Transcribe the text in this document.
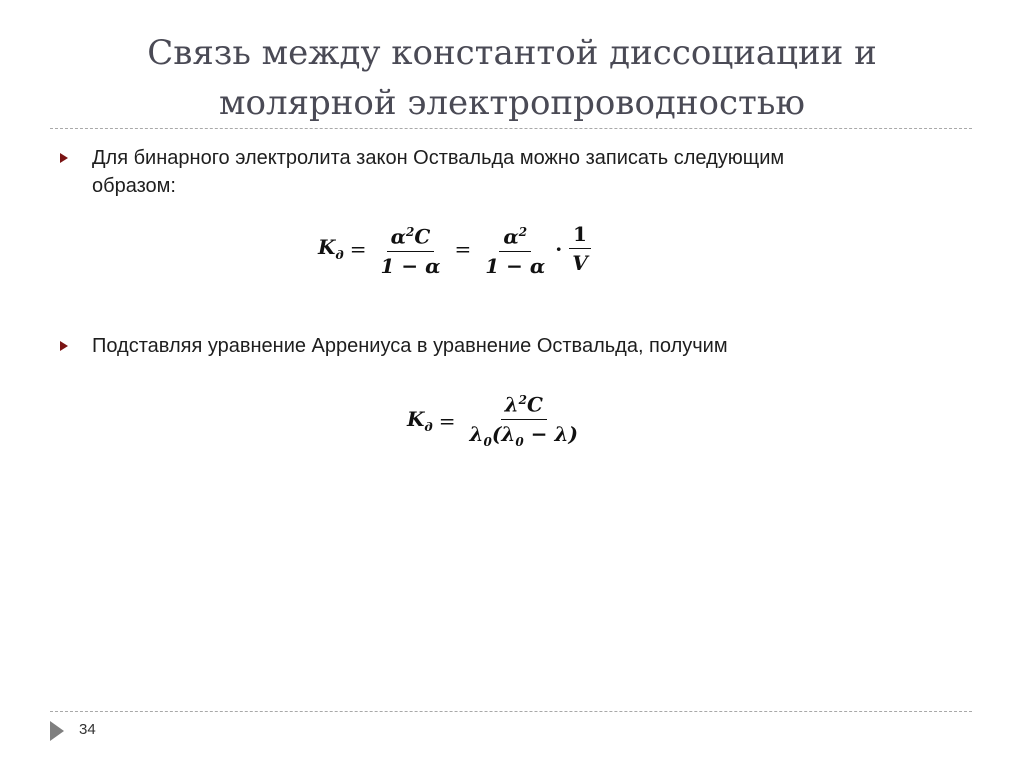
Связь между константой диссоциации и
молярной электропроводностью
Для бинарного электролита закон Оствальда можно записать следующим
образом:
$K_д = \frac{\alpha^2C}{1 - \alpha} = \frac{\alpha^2}{1 - \alpha} \cdot \frac{1}{V}$
Подставляя уравнение Аррениуса в уравнение Оствальда, получим
$K_д = \frac{\lambda^2C}{\lambda_0(\lambda_0 - \lambda)}$
34
